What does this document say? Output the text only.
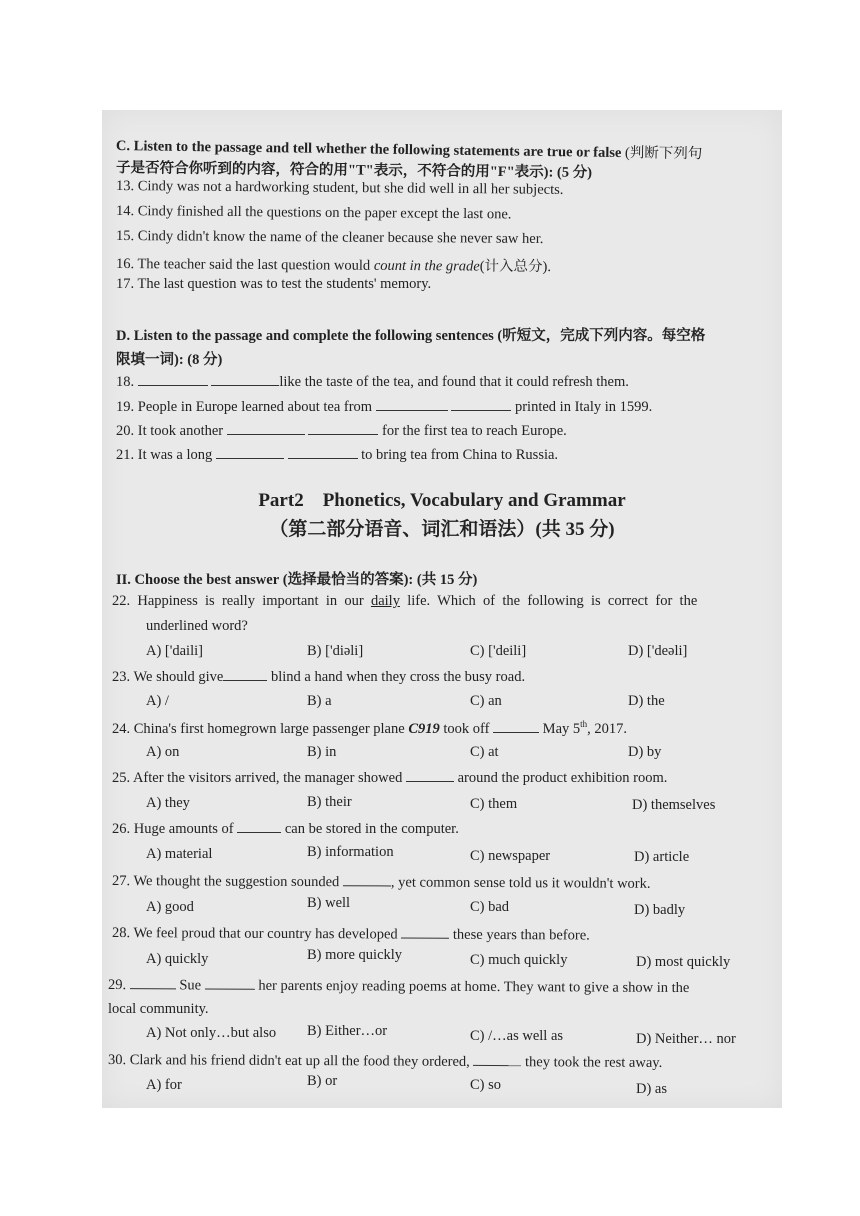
C. Listen to the passage and tell whether the following statements are true or false (判断下列句
子是否符合你听到的内容，符合的用"T"表示，不符合的用"F"表示): (5 分)
13. Cindy was not a hardworking student, but she did well in all her subjects.
14. Cindy finished all the questions on the paper except the last one.
15. Cindy didn't know the name of the cleaner because she never saw her.
16. The teacher said the last question would count in the grade(计入总分).
17. The last question was to test the students' memory.
D. Listen to the passage and complete the following sentences (听短文，完成下列内容。每空格
限填一词): (8 分)
18.	like the taste of the tea, and found that it could refresh them.
19. People in Europe learned about tea from	printed in Italy in 1599.
20. It took another	for the first tea to reach Europe.
21. It was a long	to bring tea from China to Russia.
Part2    Phonetics, Vocabulary and Grammar
（第二部分语音、词汇和语法）(共 35 分)
II. Choose the best answer (选择最恰当的答案): (共 15 分)
22.  Happiness  is  really  important  in  our daily life.  Which  of  the  following  is  correct  for  the
underlined word?
A) ['daili]	B) ['diəli]	C) ['deili]	D) ['deəli]
23. We should give	blind a hand when they cross the busy road.
A) /	B) a	C) an	D) the
24. China's first homegrown large passenger plane C919 took off	May 5th, 2017.
A) on	B) in	C) at	D) by
25. After the visitors arrived, the manager showed	around the product exhibition room.
A) they	B) their	C) them	D) themselves
26. Huge amounts of	can be stored in the computer.
A) material	B) information	C) newspaper	D) article
27. We thought the suggestion sounded	, yet common sense told us it wouldn't work.
A) good	B) well	C) bad	D) badly
28. We feel proud that our country has developed	these years than before.
A) quickly	B) more quickly	C) much quickly	D) most quickly
29.	Sue	her parents enjoy reading poems at home. They want to give a show in the
local community.
A) Not only…but also B) Either…or	C) /…as well as	D) Neither… nor
30. Clark and his friend didn't eat up all the food they ordered,	they took the rest away.
A) for	B) or	C) so	D) as
